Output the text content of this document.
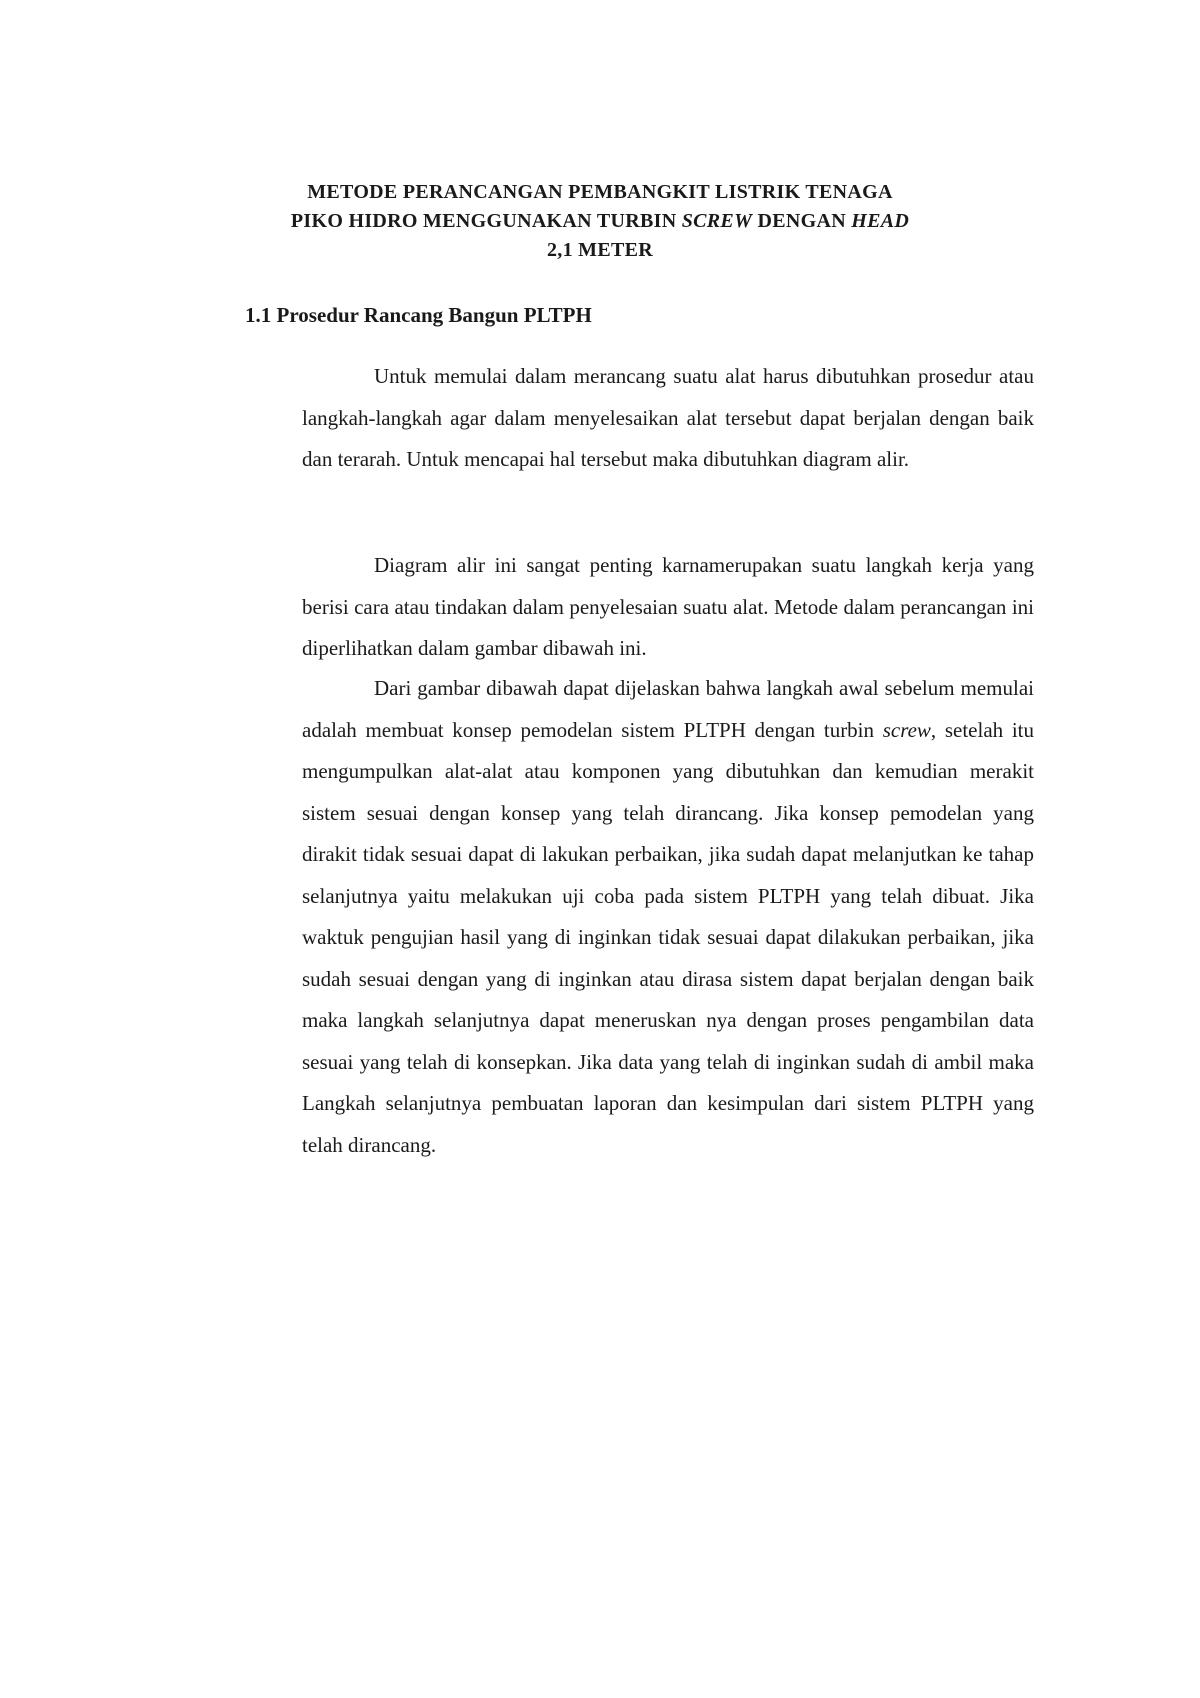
METODE PERANCANGAN PEMBANGKIT LISTRIK TENAGA
PIKO HIDRO MENGGUNAKAN TURBIN SCREW DENGAN HEAD
2,1 METER
1.1 Prosedur Rancang Bangun PLTPH

Untuk memulai dalam merancang suatu alat harus dibutuhkan prosedur atau langkah-langkah agar dalam menyelesaikan alat tersebut dapat berjalan dengan baik dan terarah. Untuk mencapai hal tersebut maka dibutuhkan diagram alir.

Diagram alir ini sangat penting karnamerupakan suatu langkah kerja yang berisi cara atau tindakan dalam penyelesaian suatu alat. Metode dalam perancangan ini diperlihatkan dalam gambar dibawah ini.

Dari gambar dibawah dapat dijelaskan bahwa langkah awal sebelum memulai adalah membuat konsep pemodelan sistem PLTPH dengan turbin screw, setelah itu mengumpulkan alat-alat atau komponen yang dibutuhkan dan kemudian merakit sistem sesuai dengan konsep yang telah dirancang. Jika konsep pemodelan yang dirakit tidak sesuai dapat di lakukan perbaikan, jika sudah dapat melanjutkan ke tahap selanjutnya yaitu melakukan uji coba pada sistem PLTPH yang telah dibuat. Jika waktuk pengujian hasil yang di inginkan tidak sesuai dapat dilakukan perbaikan, jika sudah sesuai dengan yang di inginkan atau dirasa sistem dapat berjalan dengan baik maka langkah selanjutnya dapat meneruskan nya dengan proses pengambilan data sesuai yang telah di konsepkan. Jika data yang telah di inginkan sudah di ambil maka Langkah selanjutnya pembuatan laporan dan kesimpulan dari sistem PLTPH yang telah dirancang.
